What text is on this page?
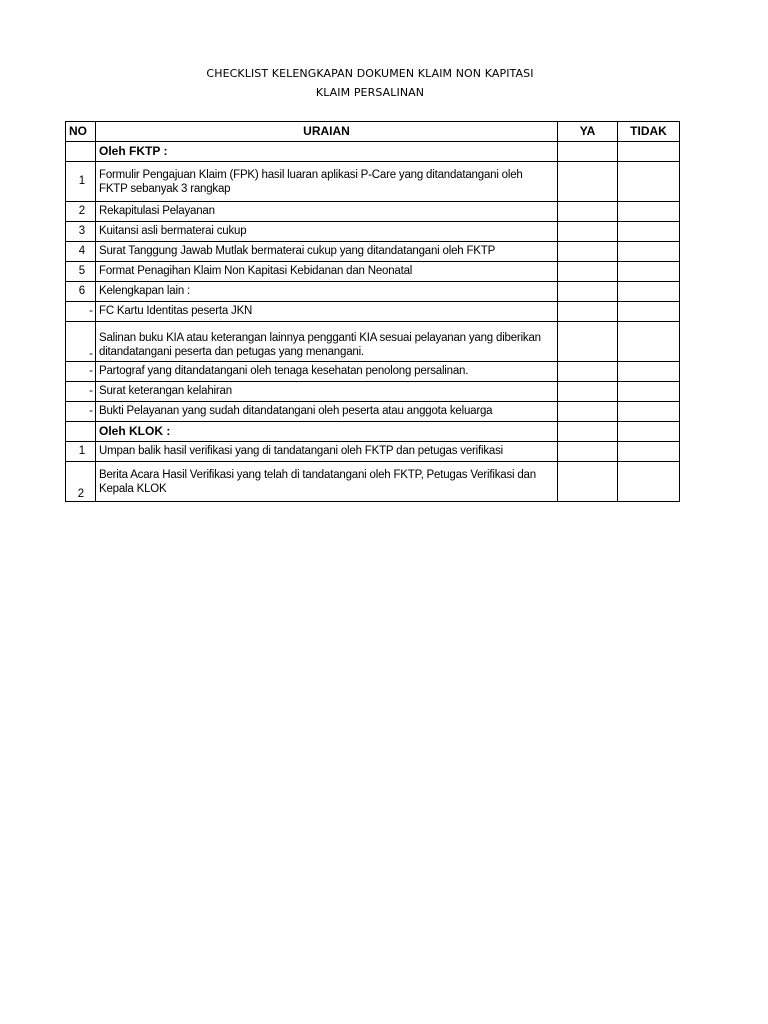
CHECKLIST KELENGKAPAN DOKUMEN KLAIM NON KAPITASI
KLAIM PERSALINAN
NO	URAIAN	YA	TIDAK
	Oleh FKTP :		
1	Formulir Pengajuan Klaim (FPK) hasil luaran aplikasi P-Care yang ditandatangani oleh FKTP sebanyak 3 rangkap		
2	Rekapitulasi Pelayanan		
3	Kuitansi asli bermaterai cukup		
4	Surat Tanggung Jawab Mutlak bermaterai cukup yang ditandatangani oleh FKTP		
5	Format Penagihan Klaim Non Kapitasi Kebidanan dan Neonatal		
6	Kelengkapan lain :		
-	FC Kartu Identitas peserta JKN		
-	Salinan buku KIA atau keterangan lainnya pengganti KIA sesuai pelayanan yang diberikan ditandatangani peserta dan petugas yang menangani.		
-	Partograf yang ditandatangani oleh tenaga kesehatan penolong persalinan.		
-	Surat keterangan kelahiran		
-	Bukti Pelayanan yang sudah ditandatangani oleh peserta atau anggota keluarga		
	Oleh KLOK :		
1	Umpan balik hasil verifikasi yang di tandatangani oleh FKTP dan petugas verifikasi		
2	Berita Acara Hasil Verifikasi yang telah di tandatangani oleh FKTP, Petugas Verifikasi dan Kepala KLOK		
